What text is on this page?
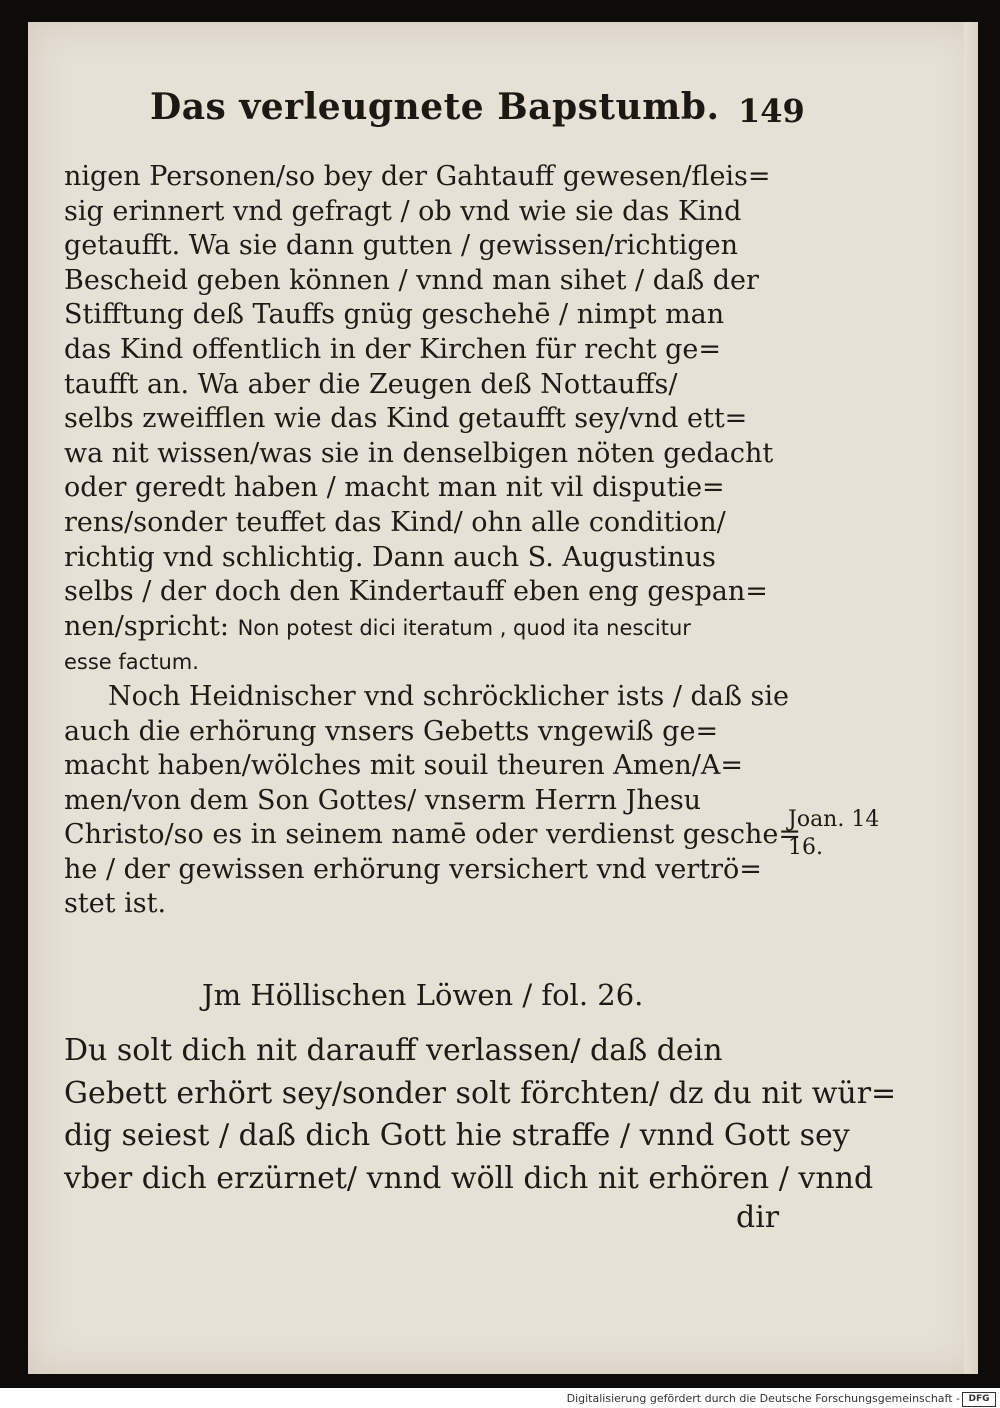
Das verleugnete Bapstumb. 149
nigen Personen/so bey der Gahtauff gewesen/fleis=
sig erinnert vnd gefragt / ob vnd wie sie das Kind
getaufft. Wa sie dann gutten / gewissen/richtigen
Bescheid geben können / vnnd man sihet / daß der
Stifftung deß Tauffs gnüg geschehē / nimpt man
das Kind offentlich in der Kirchen für recht ge=
taufft an. Wa aber die Zeugen deß Nottauffs/
selbs zweifflen wie das Kind getaufft sey/vnd ett=
wa nit wissen/was sie in denselbigen nöten gedacht
oder geredt haben / macht man nit vil disputie=
rens/sonder teuffet das Kind/ ohn alle condition/
richtig vnd schlichtig. Dann auch S. Augustinus
selbs / der doch den Kindertauff eben eng gespan=
nen/spricht: Non potest dici iteratum , quod ita nescitur
esse factum.
Noch Heidnischer vnd schröcklicher ists / daß sie
auch die erhörung vnsers Gebetts vngewiß ge=
macht haben/wölches mit souil theuren Amen/A=
men/von dem Son Gottes/ vnserm Herrn Jhesu
Christo/so es in seinem namē oder verdienst gesche=
he / der gewissen erhörung versichert vnd vertrö=
stet ist.
Joan. 14
16.
Jm Höllischen Löwen / fol. 26.
Du solt dich nit darauff verlassen/ daß dein
Gebett erhört sey/sonder solt förchten/ dz du nit wür=
dig seiest / daß dich Gott hie straffe / vnnd Gott sey
vber dich erzürnet/ vnnd wöll dich nit erhören / vnnd
dir
Digitalisierung gefördert durch die Deutsche Forschungsgemeinschaft - DFG
